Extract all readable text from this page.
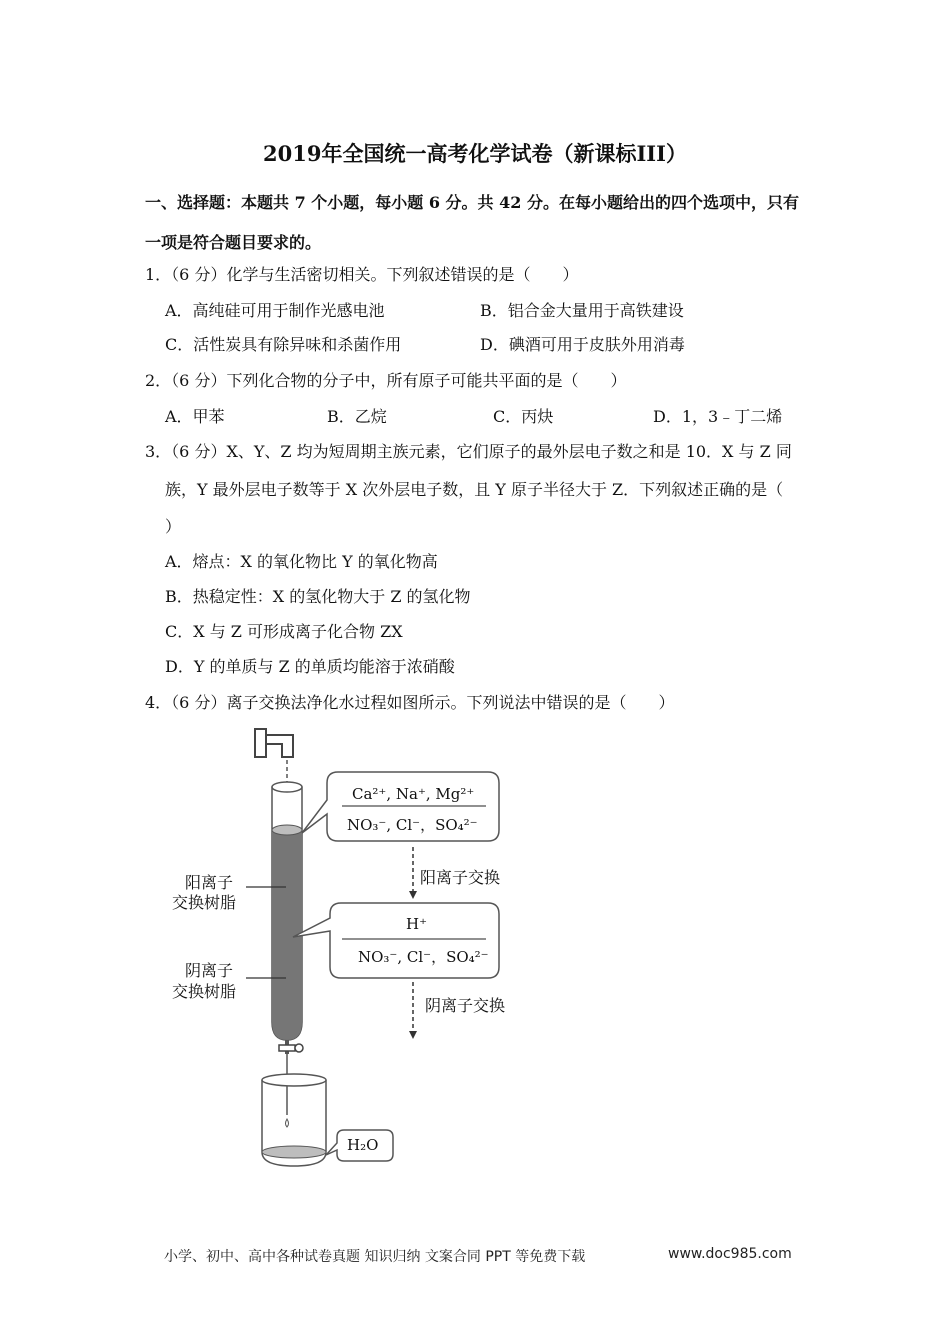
2019年全国统一高考化学试卷（新课标III）
一、选择题：本题共 7 个小题，每小题 6 分。共 42 分。在每小题给出的四个选项中，只有
一项是符合题目要求的。
1．（6 分）化学与生活密切相关。下列叙述错误的是（　　）
A．高纯硅可用于制作光感电池	B．铝合金大量用于高铁建设
C．活性炭具有除异味和杀菌作用	D．碘酒可用于皮肤外用消毒
2．（6 分）下列化合物的分子中，所有原子可能共平面的是（　　）
A．甲苯	B．乙烷	C．丙炔	D．1，3﹣丁二烯
3．（6 分）X、Y、Z 均为短周期主族元素，它们原子的最外层电子数之和是 10．X 与 Z 同
族，Y 最外层电子数等于 X 次外层电子数，且 Y 原子半径大于 Z．下列叙述正确的是（
）
A．熔点：X 的氧化物比 Y 的氧化物高
B．热稳定性：X 的氢化物大于 Z 的氢化物
C．X 与 Z 可形成离子化合物 ZX
D．Y 的单质与 Z 的单质均能溶于浓硝酸
4．（6 分）离子交换法净化水过程如图所示。下列说法中错误的是（　　）
阳离子
交换树脂
阴离子
交换树脂
Ca²⁺, Na⁺, Mg²⁺
NO₃⁻, Cl⁻，SO₄²⁻
H⁺
NO₃⁻, Cl⁻，SO₄²⁻
阳离子交换
阴离子交换
H₂O
小学、初中、高中各种试卷真题 知识归纳 文案合同 PPT 等免费下载	www.doc985.com
